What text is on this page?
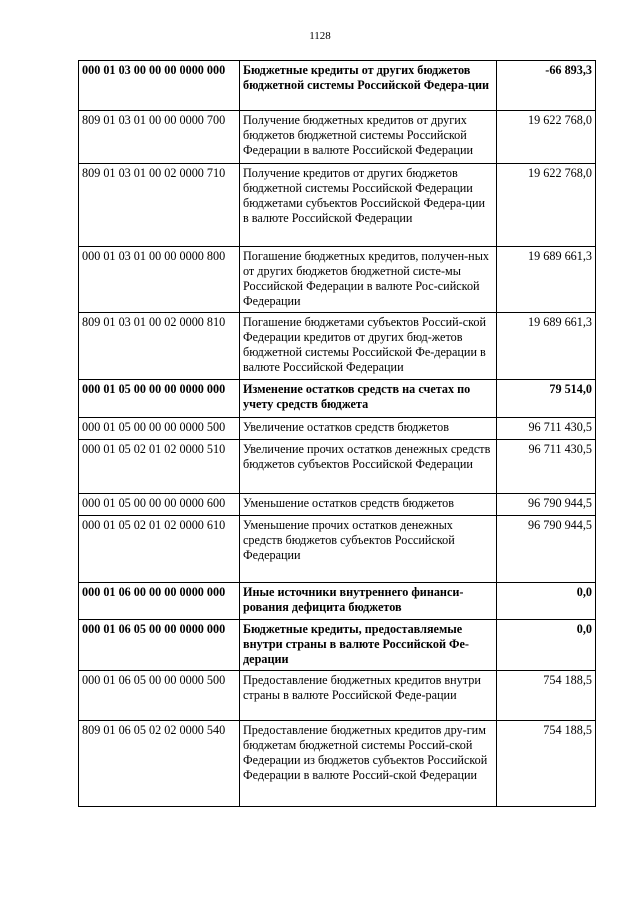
1128
000 01 03 00 00 00 0000 000	Бюджетные кредиты от других бюджетов бюджетной системы Российской Федера-ции	-66 893,3
809 01 03 01 00 00 0000 700	Получение бюджетных кредитов от других бюджетов бюджетной системы Российской Федерации в валюте Российской Федерации	19 622 768,0
809 01 03 01 00 02 0000 710	Получение кредитов от других бюджетов бюджетной системы Российской Федерации бюджетами субъектов Российской Федера-ции в валюте Российской Федерации	19 622 768,0
000 01 03 01 00 00 0000 800	Погашение бюджетных кредитов, получен-ных от других бюджетов бюджетной систе-мы Российской Федерации в валюте Рос-сийской Федерации	19 689 661,3
809 01 03 01 00 02 0000 810	Погашение бюджетами субъектов Россий-ской Федерации кредитов от других бюд-жетов бюджетной системы Российской Фе-дерации в валюте Российской Федерации	19 689 661,3
000 01 05 00 00 00 0000 000	Изменение остатков средств на счетах по учету средств бюджета	79 514,0
000 01 05 00 00 00 0000 500	Увеличение остатков средств бюджетов	96 711 430,5
000 01 05 02 01 02 0000 510	Увеличение прочих остатков денежных средств бюджетов субъектов Российской Федерации	96 711 430,5
000 01 05 00 00 00 0000 600	Уменьшение остатков средств бюджетов	96 790 944,5
000 01 05 02 01 02 0000 610	Уменьшение прочих остатков денежных средств бюджетов субъектов Российской Федерации	96 790 944,5
000 01 06 00 00 00 0000 000	Иные источники внутреннего финанси-рования дефицита бюджетов	0,0
000 01 06 05 00 00 0000 000	Бюджетные кредиты, предоставляемые внутри страны в валюте Российской Фе-дерации	0,0
000 01 06 05 00 00 0000 500	Предоставление бюджетных кредитов внутри страны в валюте Российской Феде-рации	754 188,5
809 01 06 05 02 02 0000 540	Предоставление бюджетных кредитов дру-гим бюджетам бюджетной системы Россий-ской Федерации из бюджетов субъектов Российской Федерации в валюте Россий-ской Федерации	754 188,5
